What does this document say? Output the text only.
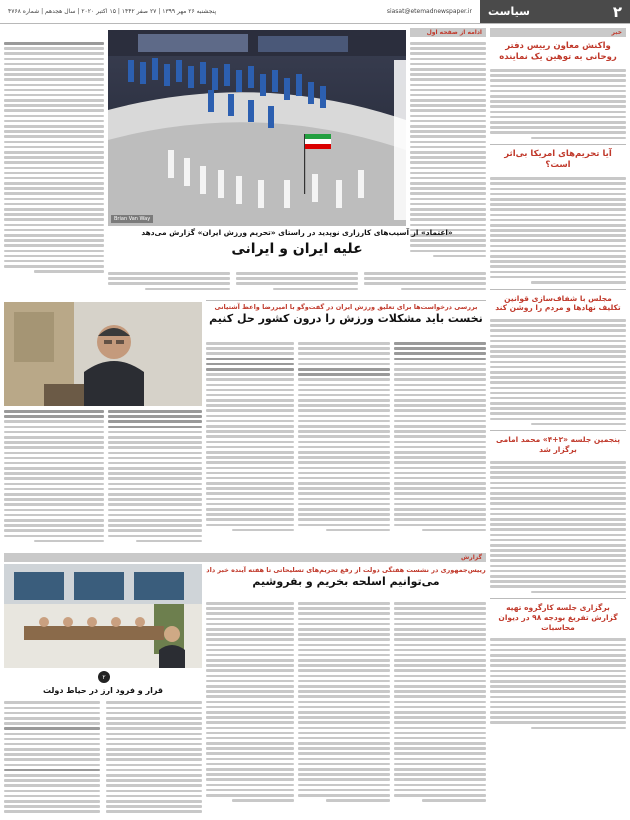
۲
سیاست
پنجشنبه ۲۶ مهر ۱۳۹۹ | ۲۷ صفر ۱۴۴۲ | ۱۵ اکتبر ۲۰۲۰ | سال هجدهم | شماره ۴۷۶۸	siasat@etemadnewspaper.ir
خبر
واکنش معاون رییس دفتر روحانی به توهین یک نماینده
آیا تحریم‌های امریکا بی‌اثر است؟
مجلس با شفاف‌سازی قوانین تکلیف نهادها و مردم را روشن کند
پنجمین جلسه «۲+۴» محمد امامی برگزار شد
برگزاری جلسه کارگروه تهیه گزارش تفریغ بودجه ۹۸ در دیوان محاسبات
ادامه از صفحه اول
Brian Van Way
«اعتماد» از آسیب‌های کارزاری نوپدید در راستای «تحریم ورزش ایران» گزارش می‌دهد
علیه ایران و ایرانی
بررسی درخواست‌ها برای تعلیق ورزش ایران در گفت‌وگو با امیررضا واعظ آشتیانی
نخست باید مشکلات ورزش را درون کشور حل کنیم
گزارش
رییس‌جمهوری در نشست هفتگی دولت از رفع تحریم‌های تسلیحاتی تا هفته آینده خبر داد
می‌توانیم اسلحه بخریم و بفروشیم
۲
قرار و فرود ارز در حیاط دولت
